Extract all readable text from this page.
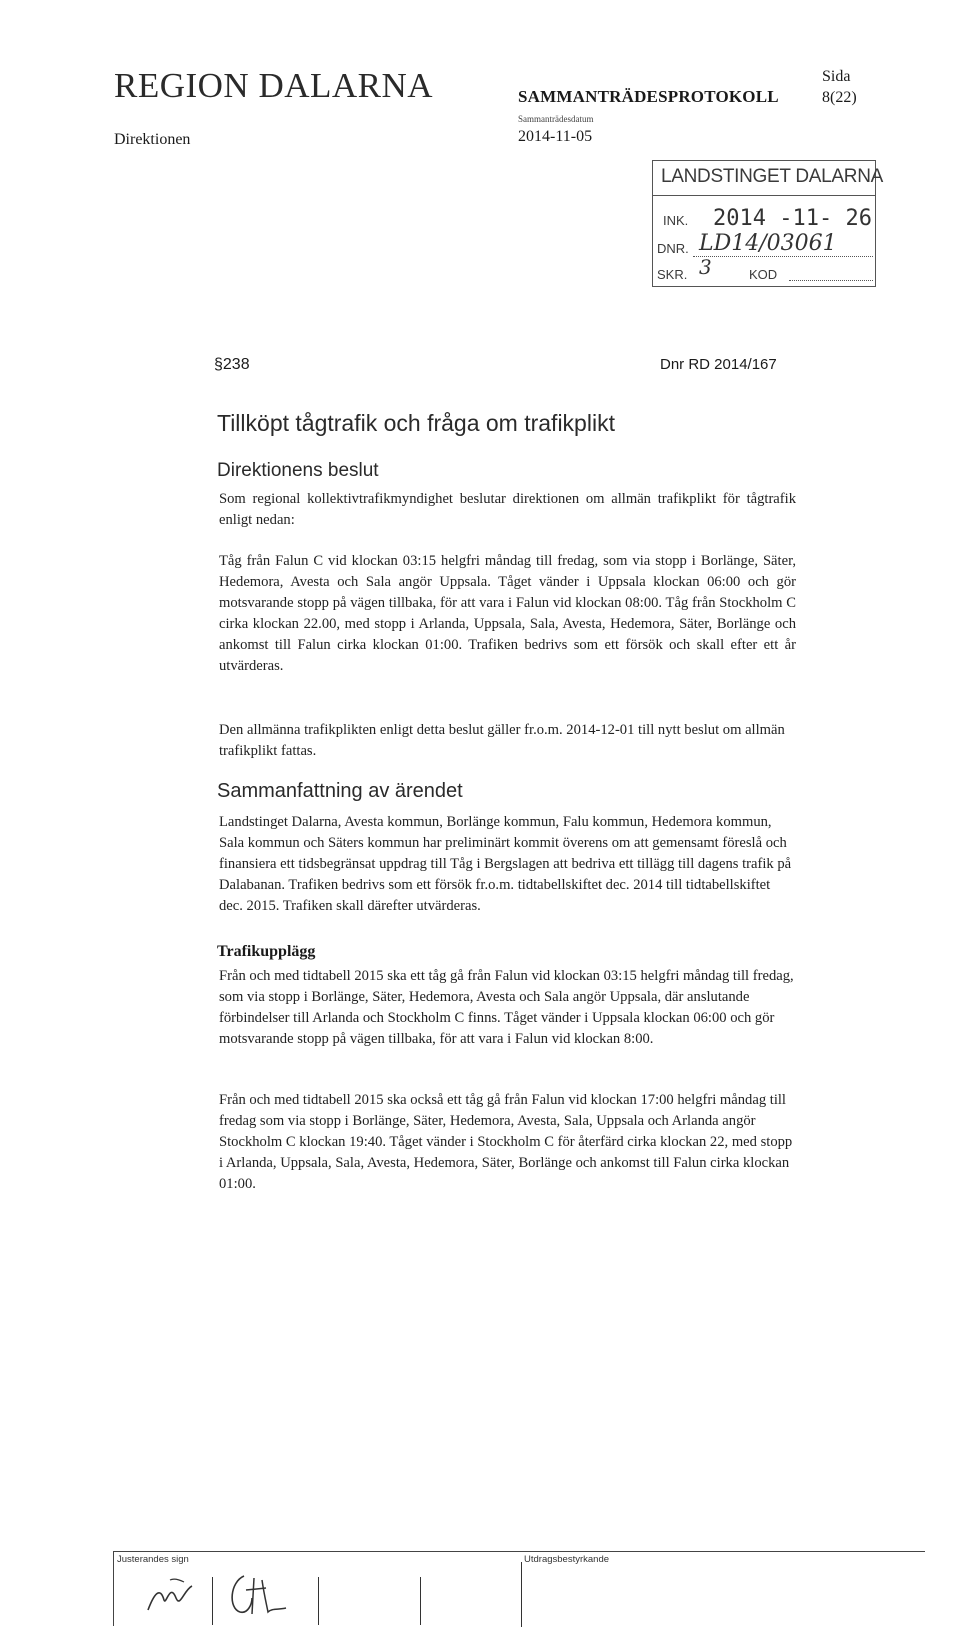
REGION DALARNA
Direktionen
SAMMANTRÄDESPROTOKOLL
Sammanträdesdatum
2014-11-05
Sida
8(22)
LANDSTINGET DALARNA
INK. 2014 -11- 26
DNR. LD14/03061
SKR. 3	KOD
§238	Dnr RD 2014/167
Tillköpt tågtrafik och fråga om trafikplikt
Direktionens beslut
Som regional kollektivtrafikmyndighet beslutar direktionen om allmän trafikplikt för tågtrafik enligt nedan:
Tåg från Falun C vid klockan 03:15 helgfri måndag till fredag, som via stopp i Borlänge, Säter, Hedemora, Avesta och Sala angör Uppsala. Tåget vänder i Uppsala klockan 06:00 och gör motsvarande stopp på vägen tillbaka, för att vara i Falun vid klockan 08:00. Tåg från Stockholm C cirka klockan 22.00, med stopp i Arlanda, Uppsala, Sala, Avesta, Hedemora, Säter, Borlänge och ankomst till Falun cirka klockan 01:00. Trafiken bedrivs som ett försök och skall efter ett år utvärderas.
Den allmänna trafikplikten enligt detta beslut gäller fr.o.m. 2014-12-01 till nytt beslut om allmän trafikplikt fattas.
Sammanfattning av ärendet
Landstinget Dalarna, Avesta kommun, Borlänge kommun, Falu kommun, Hedemora kommun, Sala kommun och Säters kommun har preliminärt kommit överens om att gemensamt föreslå och finansiera ett tidsbegränsat uppdrag till Tåg i Bergslagen att bedriva ett tillägg till dagens trafik på Dalabanan. Trafiken bedrivs som ett försök fr.o.m. tidtabellskiftet dec. 2014 till tidtabellskiftet dec. 2015. Trafiken skall därefter utvärderas.
Trafikupplägg
Från och med tidtabell 2015 ska ett tåg gå från Falun vid klockan 03:15 helgfri måndag till fredag, som via stopp i Borlänge, Säter, Hedemora, Avesta och Sala angör Uppsala, där anslutande förbindelser till Arlanda och Stockholm C finns. Tåget vänder i Uppsala klockan 06:00 och gör motsvarande stopp på vägen tillbaka, för att vara i Falun vid klockan 8:00.
Från och med tidtabell 2015 ska också ett tåg gå från Falun vid klockan 17:00 helgfri måndag till fredag som via stopp i Borlänge, Säter, Hedemora, Avesta, Sala, Uppsala och Arlanda angör Stockholm C klockan 19:40. Tåget vänder i Stockholm C för återfärd cirka klockan 22, med stopp i Arlanda, Uppsala, Sala, Avesta, Hedemora, Säter, Borlänge och ankomst till Falun cirka klockan 01:00.
Justerandes sign	Utdragsbestyrkande
